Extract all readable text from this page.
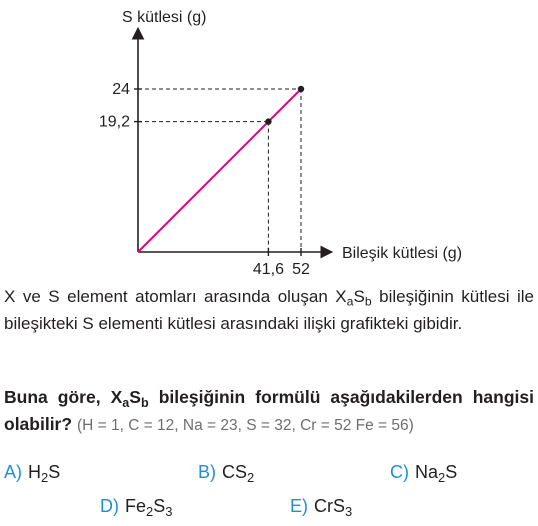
S kütlesi (g)
Bileşik kütlesi (g)
41,6
19,2
52
24
X ve S element atomları arasında oluşan $X_aS_b$ bileşiğinin kütlesi ile bileşikteki S elementi kütlesi arasındaki ilişki grafikteki gibidir.
Buna göre, $X_aS_b$ bileşiğinin formülü aşağıdakilerden hangisi olabilir? (H = 1, C = 12, Na = 23, S = 32, Cr = 52 Fe = 56)
A) $H_2S$	B) $CS_2$	C) $Na_2S$
D) $Fe_2S_3$	E) CrS$_3$
